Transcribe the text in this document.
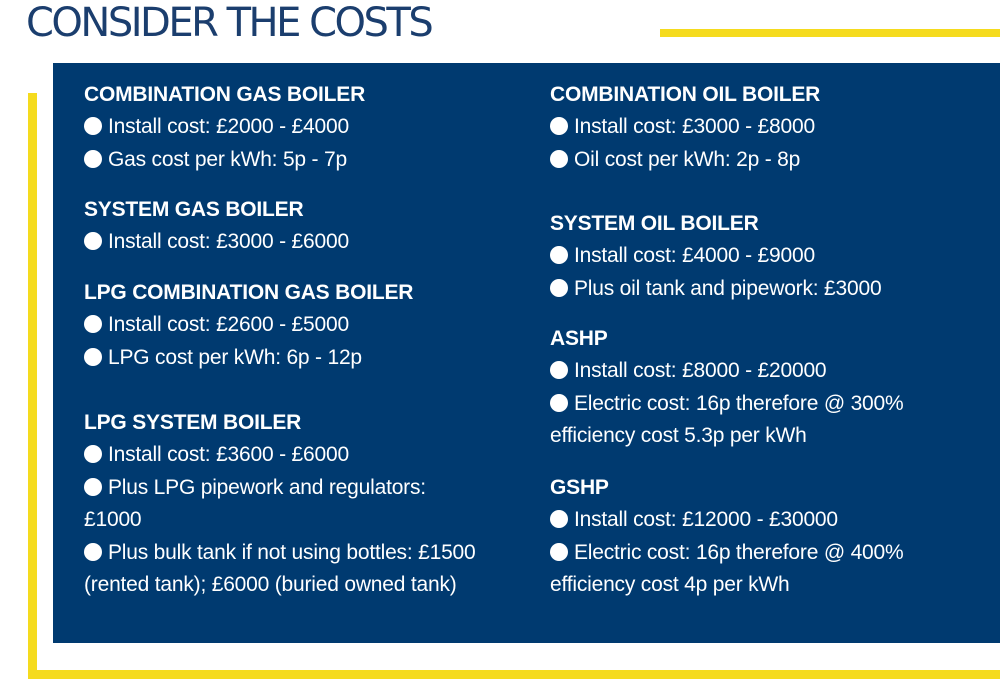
CONSIDER THE COSTS

COMBINATION GAS BOILER

Install cost: £2000 - £4000

Gas cost per kWh: 5p - 7p

SYSTEM GAS BOILER

Install cost: £3000 - £6000

LPG COMBINATION GAS BOILER

Install cost: £2600 - £5000

LPG cost per kWh: 6p - 12p

LPG SYSTEM BOILER

Install cost: £3600 - £6000

Plus LPG pipework and regulators:

£1000

Plus bulk tank if not using bottles: £1500

(rented tank); £6000 (buried owned tank)

COMBINATION OIL BOILER

Install cost: £3000 - £8000

Oil cost per kWh: 2p - 8p

SYSTEM OIL BOILER

Install cost: £4000 - £9000

Plus oil tank and pipework: £3000

ASHP

Install cost: £8000 - £20000

Electric cost: 16p therefore @ 300%

efficiency cost 5.3p per kWh

GSHP

Install cost: £12000 - £30000

Electric cost: 16p therefore @ 400%

efficiency cost 4p per kWh
